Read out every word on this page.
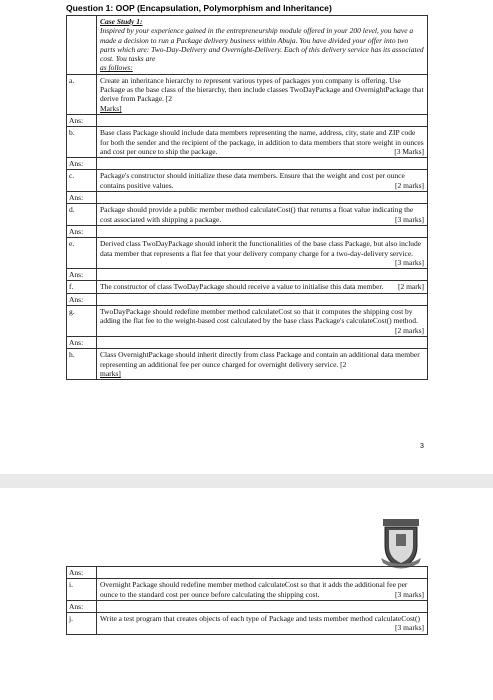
Question 1: OOP (Encapsulation, Polymorphism and Inheritance)

	Case Study 1:
Inspired by your experience gained in the entrepreneurship module offered in your 200 level, you have a made a decision to run a Package delivery business within Abuja. You have divided your offer into two parts which are: Two-Day-Delivery and Overnight-Delivery. Each of this delivery service has its associated cost. You tasks are
as follows:

a.	Create an inheritance hierarchy to represent various types of packages you company is offering. Use Package as the base class of the hierarchy, then include classes TwoDayPackage and OvernightPackage that derive from Package. [2
Marks]
Ans:	
b.	Base class Package should include data members representing the name, address, city, state and ZIP code for both the sender and the recipient of the package, in addition to data members that store weight in ounces and cost per ounce to ship the package. [3 Marks]

Ans:	
c.	Package's constructor should initialize these data members. Ensure that the weight and cost per ounce contains positive values. [2 marks]

Ans:	
d.	Package should provide a public member method calculateCost() that returns a float value indicating the cost associated with shipping a package. [3 marks]

Ans:	
e.	Derived class TwoDayPackage should inherit the functionalities of the base class Package, but also include data member that represents a flat fee that your delivery company charge for a two-day-delivery service.
[3 marks]

Ans:	
f.	The constructor of class TwoDayPackage should receive a value to initialise this data member. [2 mark]

Ans:	
g.	TwoDayPackage should redefine member method calculateCost so that it computes the shipping cost by adding the flat fee to the weight-based cost calculated by the base class Package's calculateCost() method.
[2 marks]

Ans:	
h.	Class OvernightPackage should inherit directly from class Package and contain an additional data member representing an additional fee per ounce charged for overnight delivery service. [2
marks]
3
Ans:	
i.	Overnight Package should redefine member method calculateCost so that it adds the additional fee per ounce to the standard cost per ounce before calculating the shipping cost. [3 marks]

Ans:	
j.	Write a test program that creates objects of each type of Package and tests member method calculateCost()
[3 marks]
